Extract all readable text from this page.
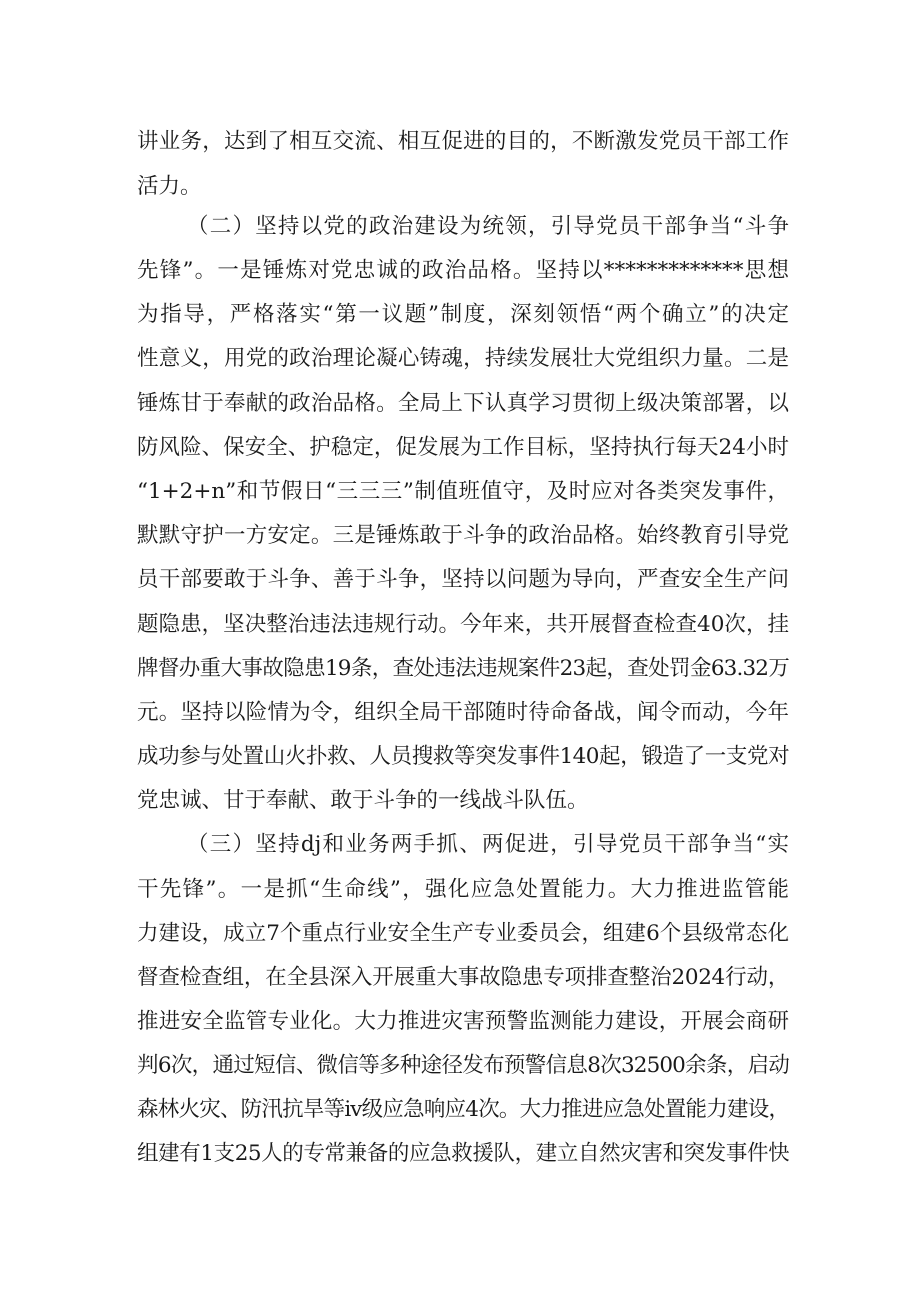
讲业务，达到了相互交流、相互促进的目的，不断激发党员干部工作

活力。

（二）坚持以党的政治建设为统领，引导党员干部争当“斗争

先锋”。一是锤炼对党忠诚的政治品格。坚持以*************思想

为指导，严格落实“第一议题”制度，深刻领悟“两个确立”的决定

性意义，用党的政治理论凝心铸魂，持续发展壮大党组织力量。二是

锤炼甘于奉献的政治品格。全局上下认真学习贯彻上级决策部署，以

防风险、保安全、护稳定，促发展为工作目标，坚持执行每天24小时

“1+2+n”和节假日“三三三”制值班值守，及时应对各类突发事件，

默默守护一方安定。三是锤炼敢于斗争的政治品格。始终教育引导党

员干部要敢于斗争、善于斗争，坚持以问题为导向，严查安全生产问

题隐患，坚决整治违法违规行动。今年来，共开展督查检查40次，挂

牌督办重大事故隐患19条，查处违法违规案件23起，查处罚金63.32万

元。坚持以险情为令，组织全局干部随时待命备战，闻令而动，今年

成功参与处置山火扑救、人员搜救等突发事件140起，锻造了一支党对

党忠诚、甘于奉献、敢于斗争的一线战斗队伍。

（三）坚持dj和业务两手抓、两促进，引导党员干部争当“实

干先锋”。一是抓“生命线”，强化应急处置能力。大力推进监管能

力建设，成立7个重点行业安全生产专业委员会，组建6个县级常态化

督查检查组，在全县深入开展重大事故隐患专项排查整治2024行动，

推进安全监管专业化。大力推进灾害预警监测能力建设，开展会商研

判6次，通过短信、微信等多种途径发布预警信息8次32500余条，启动

森林火灾、防汛抗旱等iv级应急响应4次。大力推进应急处置能力建设，

组建有1支25人的专常兼备的应急救援队，建立自然灾害和突发事件快
